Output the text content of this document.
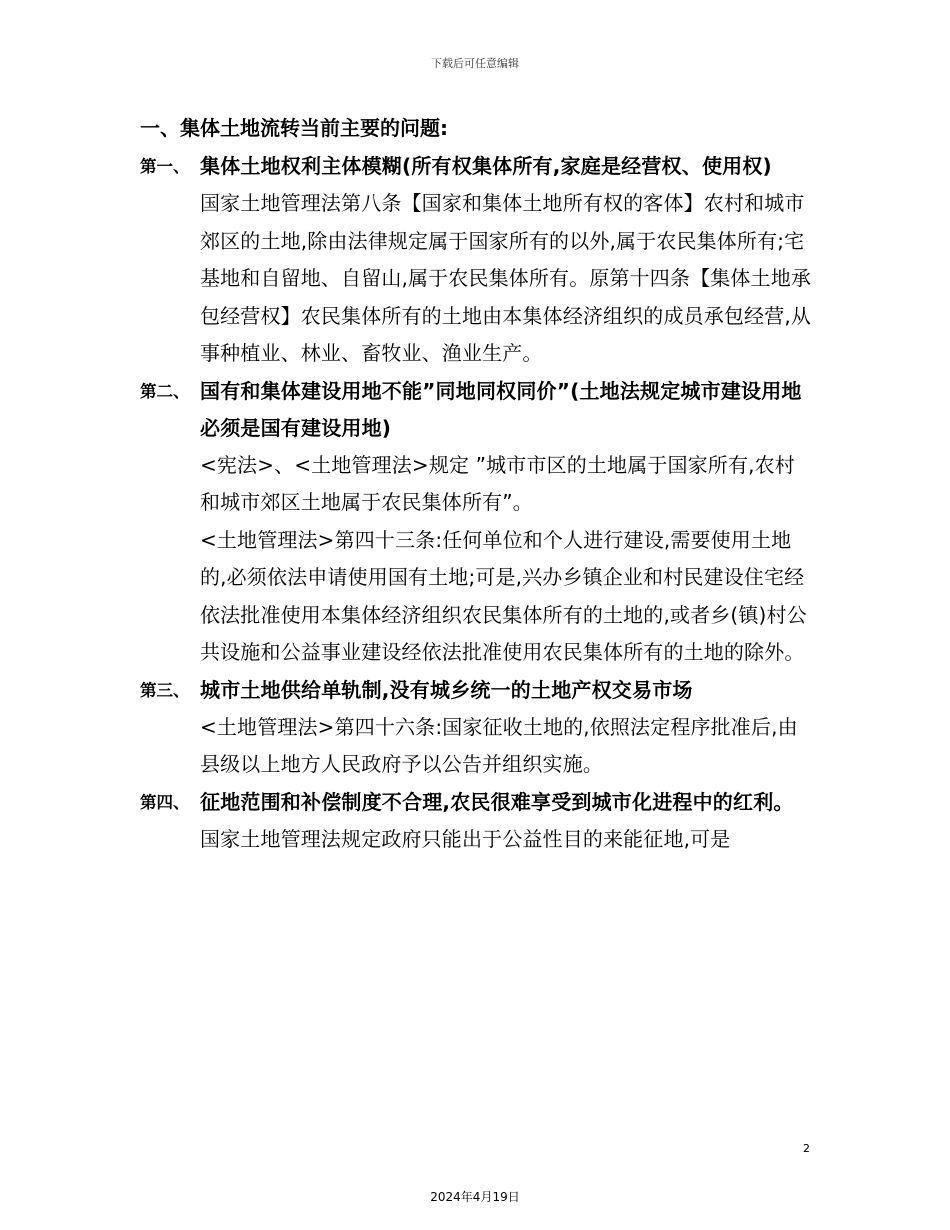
下载后可任意编辑

一、集体土地流转当前主要的问题:

第一、 集体土地权利主体模糊(所有权集体所有,家庭是经营权、使用权)

国家土地管理法第八条【国家和集体土地所有权的客体】农村和城市郊区的土地,除由法律规定属于国家所有的以外,属于农民集体所有;宅基地和自留地、自留山,属于农民集体所有。原第十四条【集体土地承包经营权】农民集体所有的土地由本集体经济组织的成员承包经营,从事种植业、林业、畜牧业、渔业生产。

第二、 国有和集体建设用地不能”同地同权同价”(土地法规定城市建设用地必须是国有建设用地)

<宪法>、<土地管理法>规定 ”城市市区的土地属于国家所有,农村和城市郊区土地属于农民集体所有”。

<土地管理法>第四十三条:任何单位和个人进行建设,需要使用土地的,必须依法申请使用国有土地;可是,兴办乡镇企业和村民建设住宅经依法批准使用本集体经济组织农民集体所有的土地的,或者乡(镇)村公共设施和公益事业建设经依法批准使用农民集体所有的土地的除外。

第三、 城市土地供给单轨制,没有城乡统一的土地产权交易市场

<土地管理法>第四十六条:国家征收土地的,依照法定程序批准后,由县级以上地方人民政府予以公告并组织实施。

第四、 征地范围和补偿制度不合理,农民很难享受到城市化进程中的红利。

国家土地管理法规定政府只能出于公益性目的来能征地,可是

2
2024年4月19日
